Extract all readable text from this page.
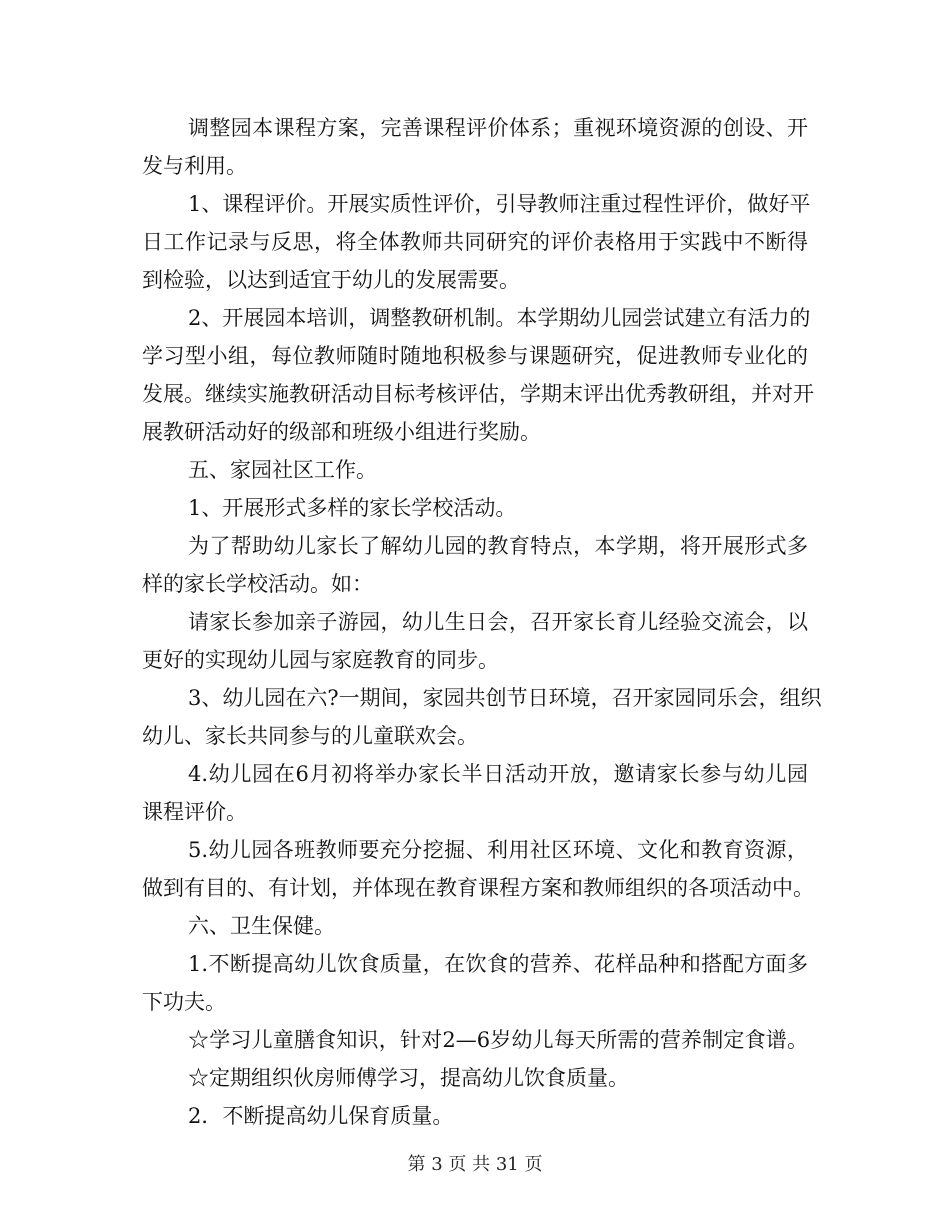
调整园本课程方案，完善课程评价体系；重视环境资源的创设、开
发与利用。
1、课程评价。开展实质性评价，引导教师注重过程性评价，做好平
日工作记录与反思，将全体教师共同研究的评价表格用于实践中不断得
到检验，以达到适宜于幼儿的发展需要。
2、开展园本培训，调整教研机制。本学期幼儿园尝试建立有活力的
学习型小组，每位教师随时随地积极参与课题研究，促进教师专业化的
发展。继续实施教研活动目标考核评估，学期末评出优秀教研组，并对开
展教研活动好的级部和班级小组进行奖励。
五、家园社区工作。
1、开展形式多样的家长学校活动。
为了帮助幼儿家长了解幼儿园的教育特点，本学期，将开展形式多
样的家长学校活动。如：
请家长参加亲子游园，幼儿生日会，召开家长育儿经验交流会，以
更好的实现幼儿园与家庭教育的同步。
3、幼儿园在六?一期间，家园共创节日环境，召开家园同乐会，组织
幼儿、家长共同参与的儿童联欢会。
4.幼儿园在6月初将举办家长半日活动开放，邀请家长参与幼儿园
课程评价。
5.幼儿园各班教师要充分挖掘、利用社区环境、文化和教育资源，
做到有目的、有计划，并体现在教育课程方案和教师组织的各项活动中。
六、卫生保健。
1.不断提高幼儿饮食质量，在饮食的营养、花样品种和搭配方面多
下功夫。
☆学习儿童膳食知识，针对2—6岁幼儿每天所需的营养制定食谱。
☆定期组织伙房师傅学习，提高幼儿饮食质量。
2．不断提高幼儿保育质量。
第 3 页 共 31 页
